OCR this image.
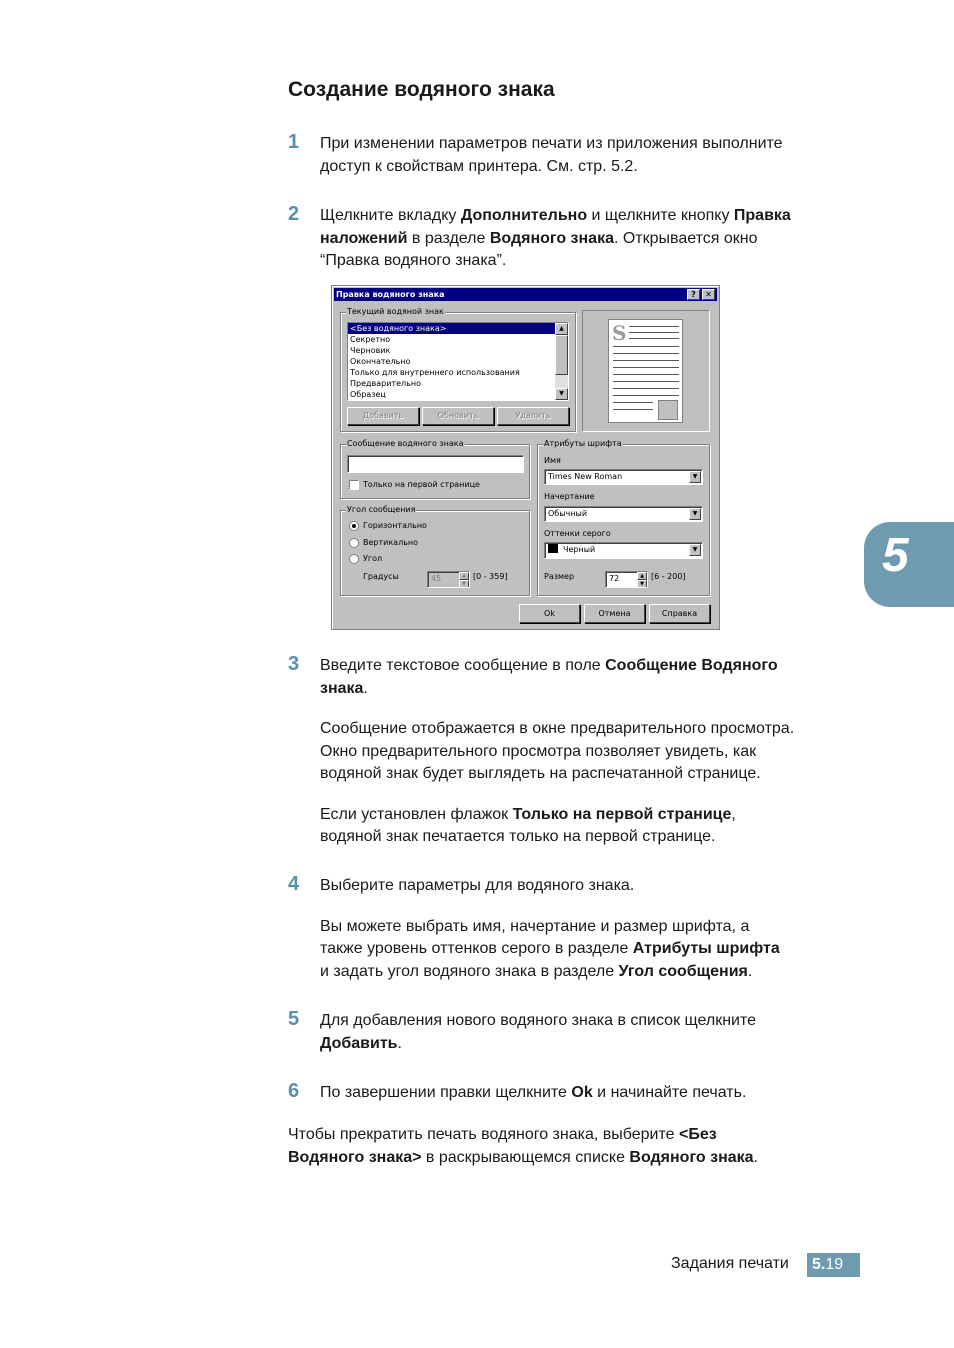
Создание водяного знака
1 При изменении параметров печати из приложения выполните
доступ к свойствам принтера. См. стр. 5.2.
2 Щелкните вкладку Дополнительно и щелкните кнопку Правка
наложений в разделе Водяного знака. Открывается окно
“Правка водяного знака”.
Правка водяного знака	?	✕
Текущий водяной знак
<Без водяного знака>
Секретно
Черновик
Окончательно
Только для внутреннего использования
Предварительно
Образец
▲
▼
Добавить	Обновить	Удалить
S
Сообщение водяного знака
Только на первой странице
Угол сообщения
Горизонтально
Вертикально
Угол
Градусы	45	▲
▼
[0 - 359]
Атрибуты шрифта
Имя
Times New Roman	▼
Начертание
Обычный	▼
Оттенки серого
Черный	▼
Размер	72	▲
▼
[6 - 200]
Ok	Отмена	Справка
5
3 Введите текстовое сообщение в поле Сообщение Водяного
знака.
Сообщение отображается в окне предварительного просмотра.
Окно предварительного просмотра позволяет увидеть, как
водяной знак будет выглядеть на распечатанной странице.
Если установлен флажок Только на первой странице,
водяной знак печатается только на первой странице.
4 Выберите параметры для водяного знака.
Вы можете выбрать имя, начертание и размер шрифта, а
также уровень оттенков серого в разделе Атрибуты шрифта
и задать угол водяного знака в разделе Угол сообщения.
5 Для добавления нового водяного знака в список щелкните
Добавить.
6 По завершении правки щелкните Ok и начинайте печать.
Чтобы прекратить печать водяного знака, выберите <Без
Водяного знака> в раскрывающемся списке Водяного знака.
Задания печати	5.19
